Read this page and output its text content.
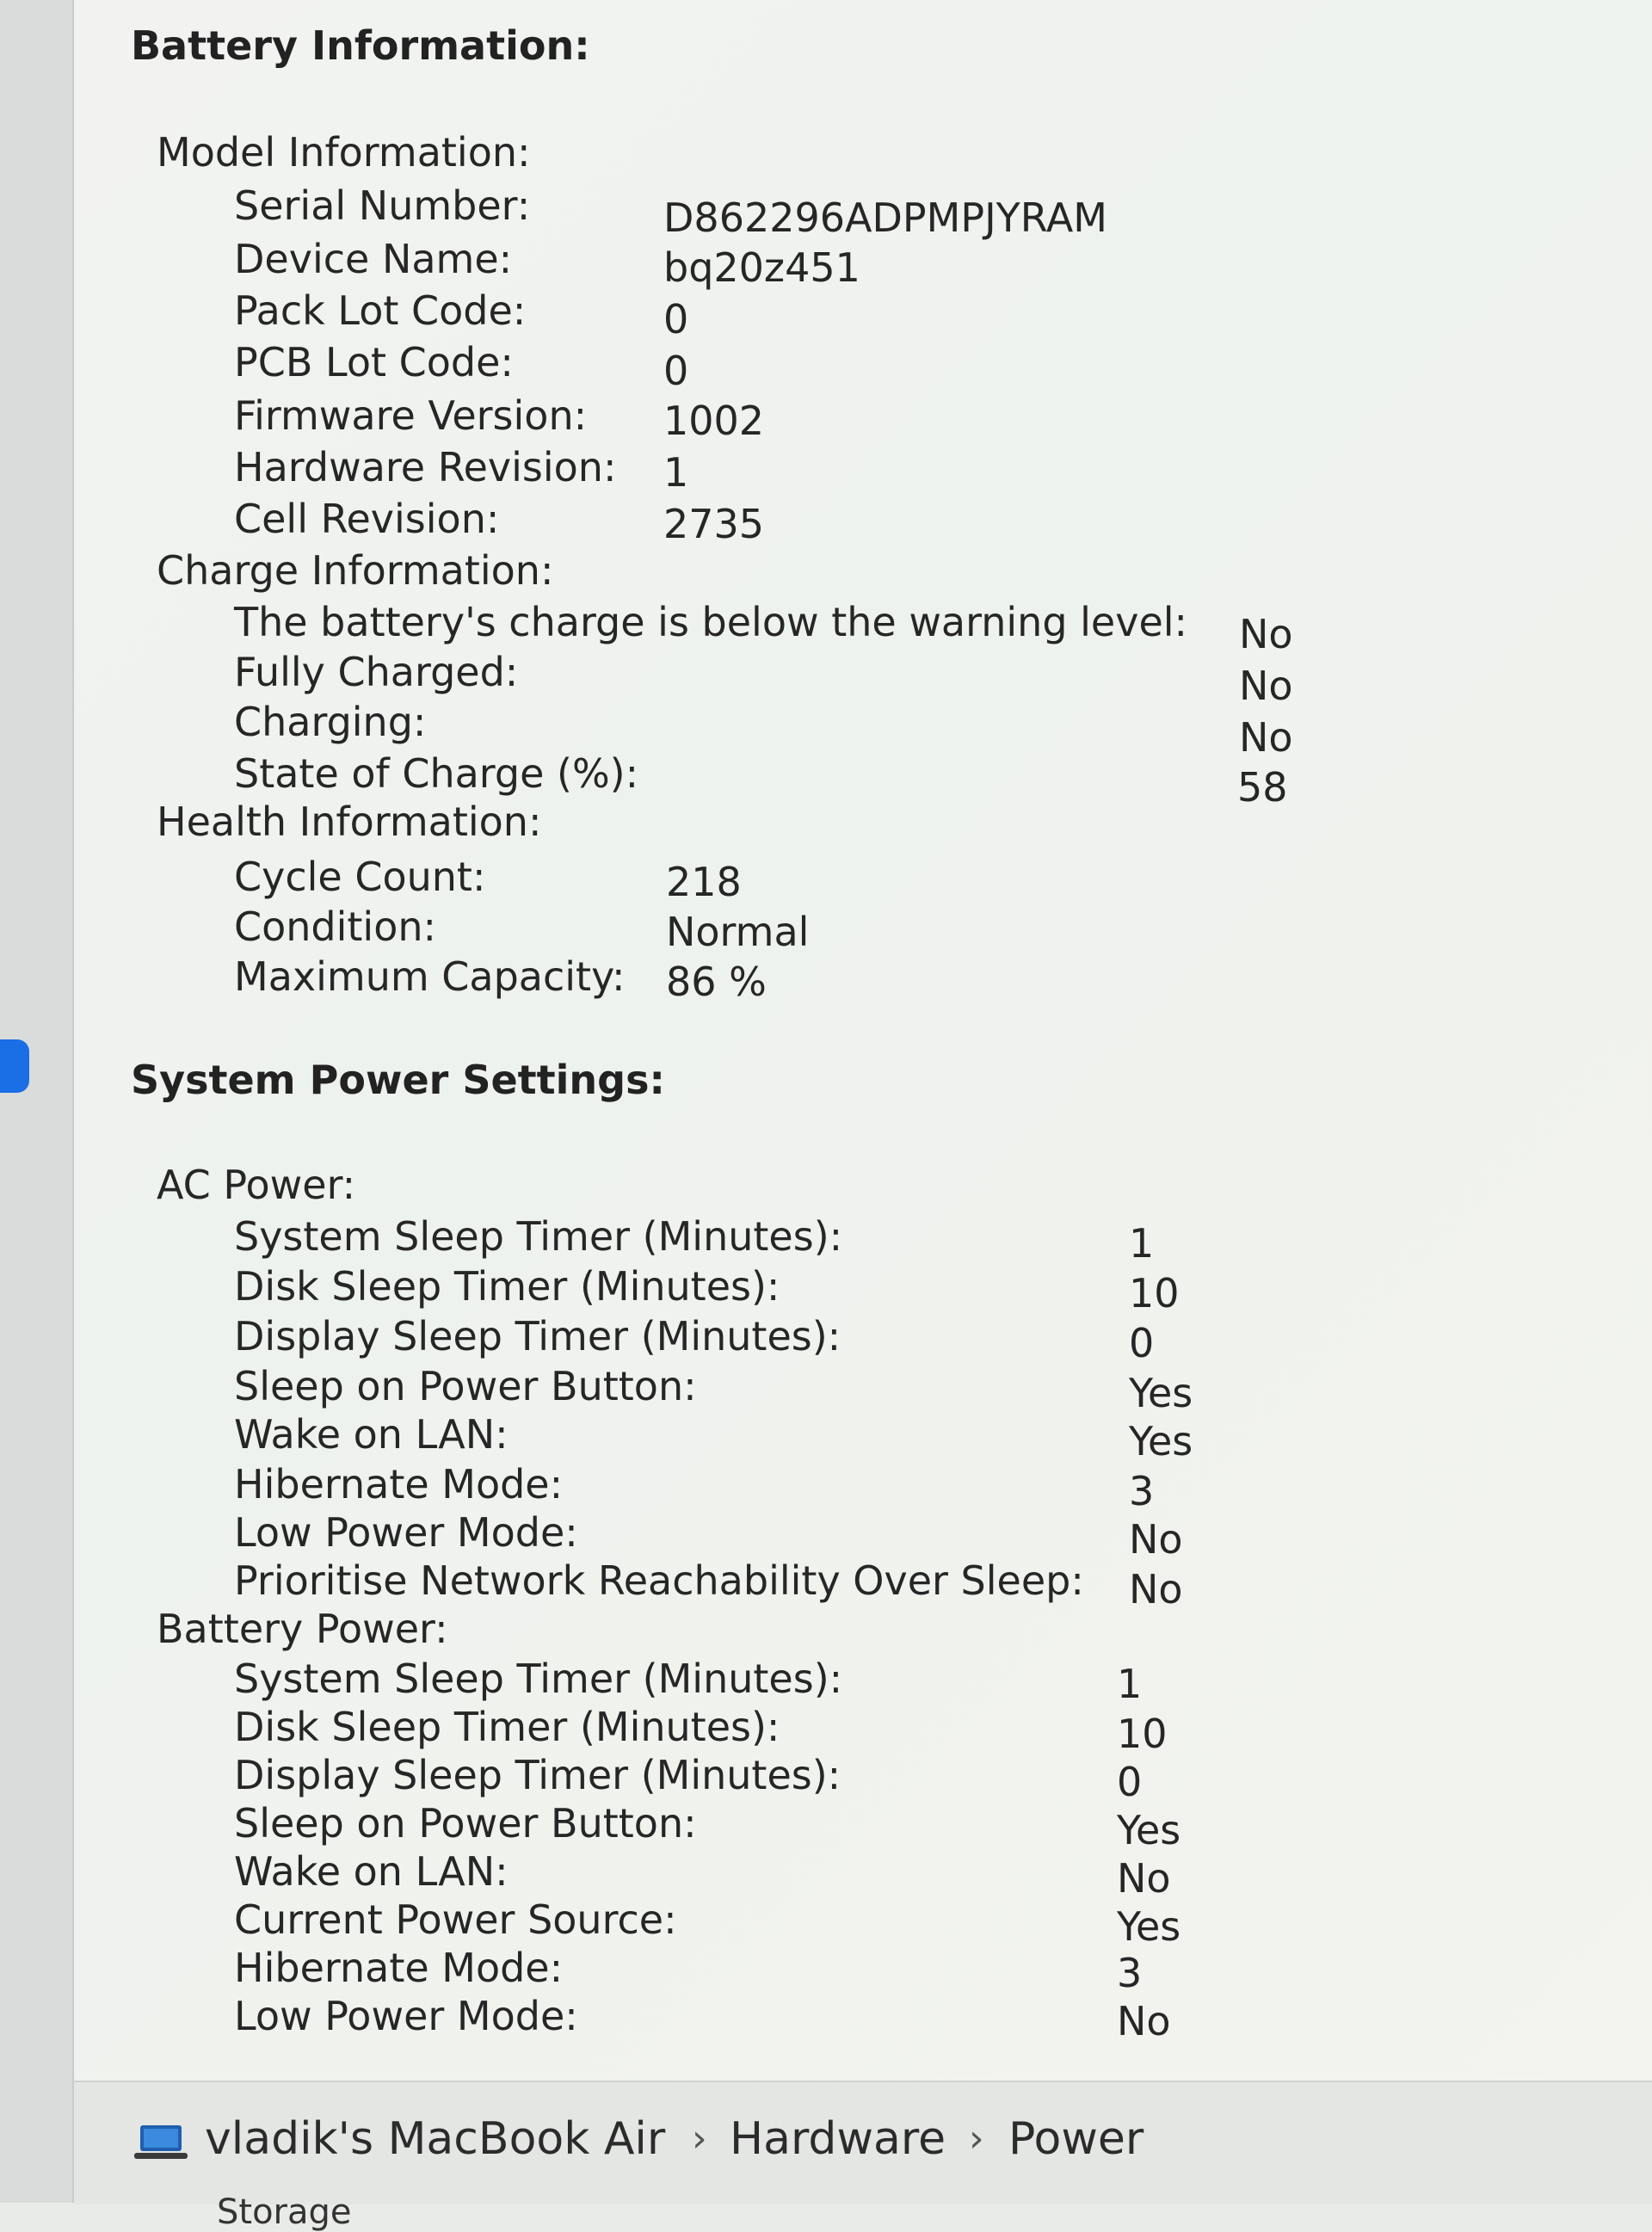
Battery Information:
Model Information:
Serial Number:	D862296ADPMPJYRAM
Device Name:	bq20z451
Pack Lot Code:	0
PCB Lot Code:	0
Firmware Version: 1002
Hardware Revision: 1
Cell Revision:	2735
Charge Information:
The battery's charge is below the warning level: No
Fully Charged:	No
Charging:	No
State of Charge (%):	58
Health Information:
Cycle Count:	218
Condition:	Normal
Maximum Capacity: 86 %
System Power Settings:
AC Power:
System Sleep Timer (Minutes):	1
Disk Sleep Timer (Minutes):	10
Display Sleep Timer (Minutes):	0
Sleep on Power Button:	Yes
Wake on LAN:	Yes
Hibernate Mode:	3
Low Power Mode:	No
Prioritise Network Reachability Over Sleep: No
Battery Power:
System Sleep Timer (Minutes):	1
Disk Sleep Timer (Minutes):	10
Display Sleep Timer (Minutes):	0
Sleep on Power Button:	Yes
Wake on LAN:	No
Current Power Source:	Yes
Hibernate Mode:	3
Low Power Mode:	No
vladik's MacBook Air › Hardware › Power
Storage
